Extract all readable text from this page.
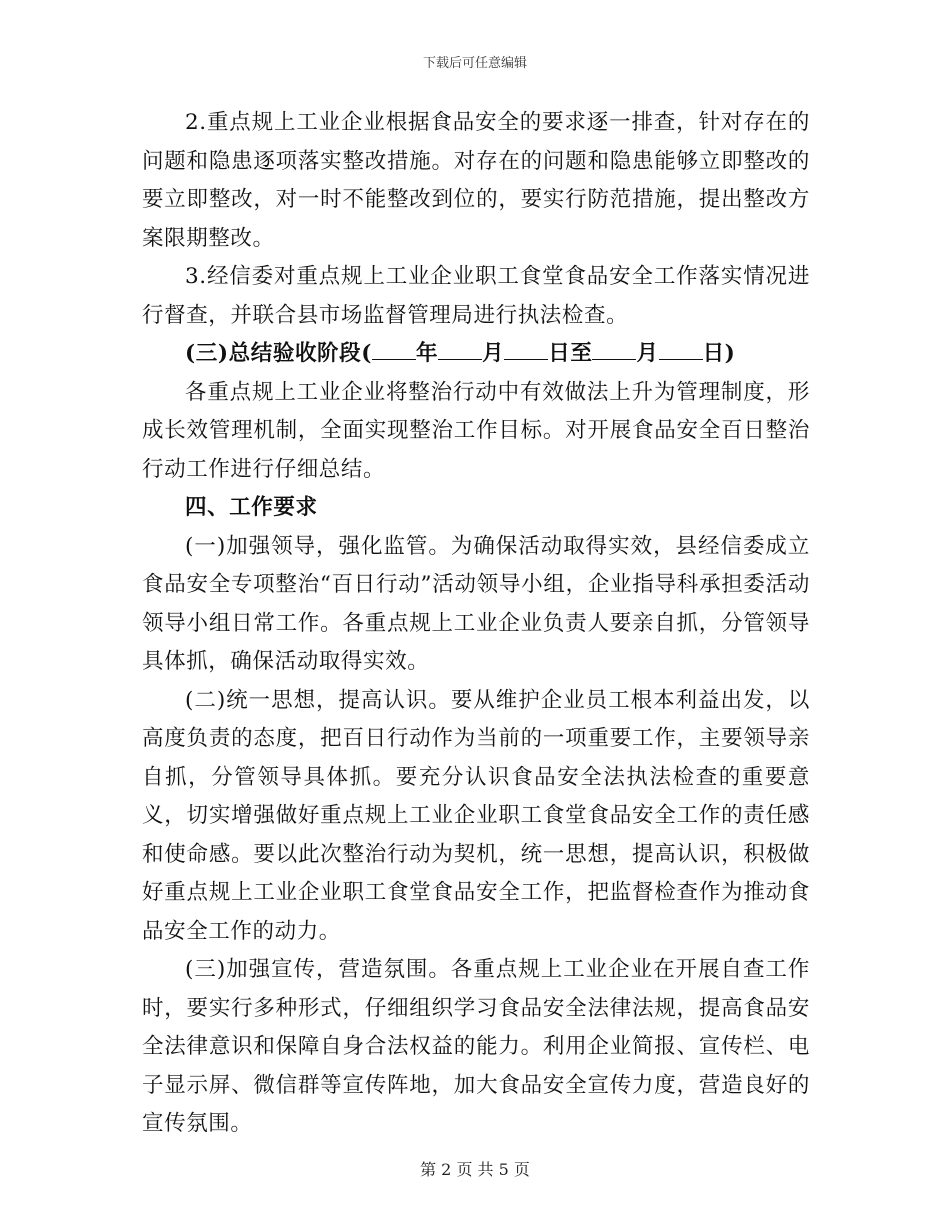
下载后可任意编辑

2.重点规上工业企业根据食品安全的要求逐一排查，针对存在的问题和隐患逐项落实整改措施。对存在的问题和隐患能够立即整改的要立即整改，对一时不能整改到位的，要实行防范措施，提出整改方案限期整改。

3.经信委对重点规上工业企业职工食堂食品安全工作落实情况进行督查，并联合县市场监督管理局进行执法检查。

(三)总结验收阶段( 年 月 日至 月 日)

各重点规上工业企业将整治行动中有效做法上升为管理制度，形成长效管理机制，全面实现整治工作目标。对开展食品安全百日整治行动工作进行仔细总结。

四、工作要求

(一)加强领导，强化监管。为确保活动取得实效，县经信委成立食品安全专项整治“百日行动”活动领导小组，企业指导科承担委活动领导小组日常工作。各重点规上工业企业负责人要亲自抓，分管领导具体抓，确保活动取得实效。

(二)统一思想，提高认识。要从维护企业员工根本利益出发，以高度负责的态度，把百日行动作为当前的一项重要工作，主要领导亲自抓，分管领导具体抓。要充分认识食品安全法执法检查的重要意义，切实增强做好重点规上工业企业职工食堂食品安全工作的责任感和使命感。要以此次整治行动为契机，统一思想，提高认识，积极做好重点规上工业企业职工食堂食品安全工作，把监督检查作为推动食品安全工作的动力。

(三)加强宣传，营造氛围。各重点规上工业企业在开展自查工作时，要实行多种形式，仔细组织学习食品安全法律法规，提高食品安全法律意识和保障自身合法权益的能力。利用企业简报、宣传栏、电子显示屏、微信群等宣传阵地，加大食品安全宣传力度，营造良好的宣传氛围。

第 2 页 共 5 页
